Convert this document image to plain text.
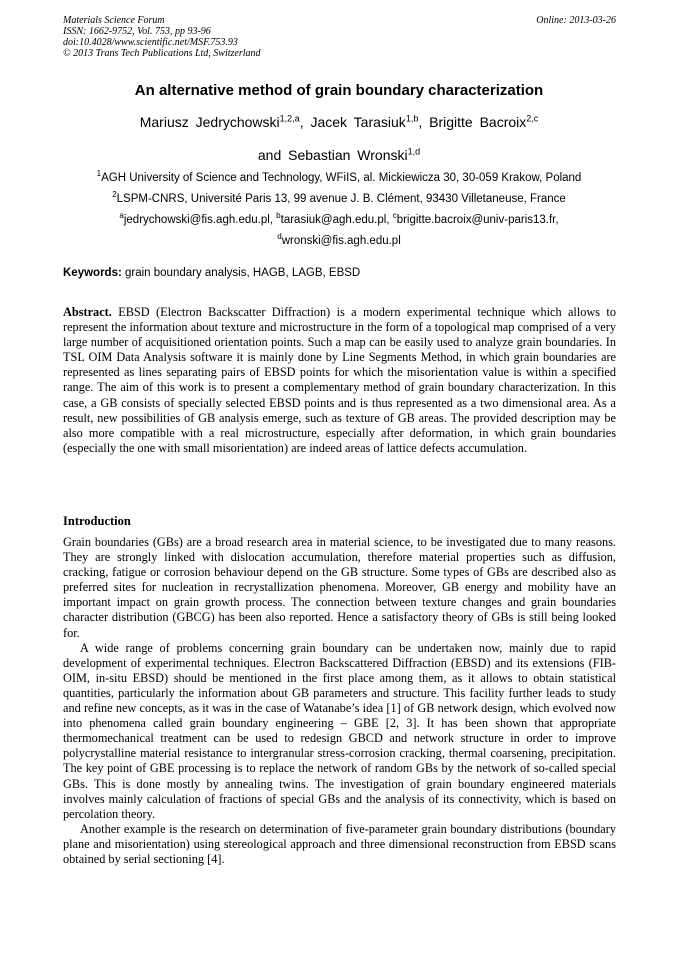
Materials Science Forum
ISSN: 1662-9752, Vol. 753, pp 93-96
doi:10.4028/www.scientific.net/MSF.753.93
© 2013 Trans Tech Publications Ltd, Switzerland
Online: 2013-03-26
An alternative method of grain boundary characterization
Mariusz Jedrychowski$^{1,2,a}$, Jacek Tarasiuk$^{1,b}$, Brigitte Bacroix$^{2,c}$
and Sebastian Wronski$^{1,d}$
$^1$AGH University of Science and Technology, WFiIS, al. Mickiewicza 30, 30-059 Krakow, Poland
$^2$LSPM-CNRS, Université Paris 13, 99 avenue J. B. Clément, 93430 Villetaneuse, France
$^a$jedrychowski@fis.agh.edu.pl, $^b$tarasiuk@agh.edu.pl, $^c$brigitte.bacroix@univ-paris13.fr,
$^d$wronski@fis.agh.edu.pl
Keywords: grain boundary analysis, HAGB, LAGB, EBSD

Abstract. EBSD (Electron Backscatter Diffraction) is a modern experimental technique which allows to represent the information about texture and microstructure in the form of a topological map comprised of a very large number of acquisitioned orientation points. Such a map can be easily used to analyze grain boundaries. In TSL OIM Data Analysis software it is mainly done by Line Segments Method, in which grain boundaries are represented as lines separating pairs of EBSD points for which the misorientation value is within a specified range. The aim of this work is to present a complementary method of grain boundary characterization. In this case, a GB consists of specially selected EBSD points and is thus represented as a two dimensional area. As a result, new possibilities of GB analysis emerge, such as texture of GB areas. The provided description may be also more compatible with a real microstructure, especially after deformation, in which grain boundaries (especially the one with small misorientation) are indeed areas of lattice defects accumulation.

Introduction

Grain boundaries (GBs) are a broad research area in material science, to be investigated due to many reasons. They are strongly linked with dislocation accumulation, therefore material properties such as diffusion, cracking, fatigue or corrosion behaviour depend on the GB structure. Some types of GBs are described also as preferred sites for nucleation in recrystallization phenomena. Moreover, GB energy and mobility have an important impact on grain growth process. The connection between texture changes and grain boundaries character distribution (GBCG) has been also reported. Hence a satisfactory theory of GBs is still being looked for.

A wide range of problems concerning grain boundary can be undertaken now, mainly due to rapid development of experimental techniques. Electron Backscattered Diffraction (EBSD) and its extensions (FIB-OIM, in-situ EBSD) should be mentioned in the first place among them, as it allows to obtain statistical quantities, particularly the information about GB parameters and structure. This facility further leads to study and refine new concepts, as it was in the case of Watanabe’s idea [1] of GB network design, which evolved now into phenomena called grain boundary engineering – GBE [2, 3]. It has been shown that appropriate thermomechanical treatment can be used to redesign GBCD and network structure in order to improve polycrystalline material resistance to intergranular stress-corrosion cracking, thermal coarsening, precipitation. The key point of GBE processing is to replace the network of random GBs by the network of so-called special GBs. This is done mostly by annealing twins. The investigation of grain boundary engineered materials involves mainly calculation of fractions of special GBs and the analysis of its connectivity, which is based on percolation theory.

Another example is the research on determination of five-parameter grain boundary distributions (boundary plane and misorientation) using stereological approach and three dimensional reconstruction from EBSD scans obtained by serial sectioning [4].
